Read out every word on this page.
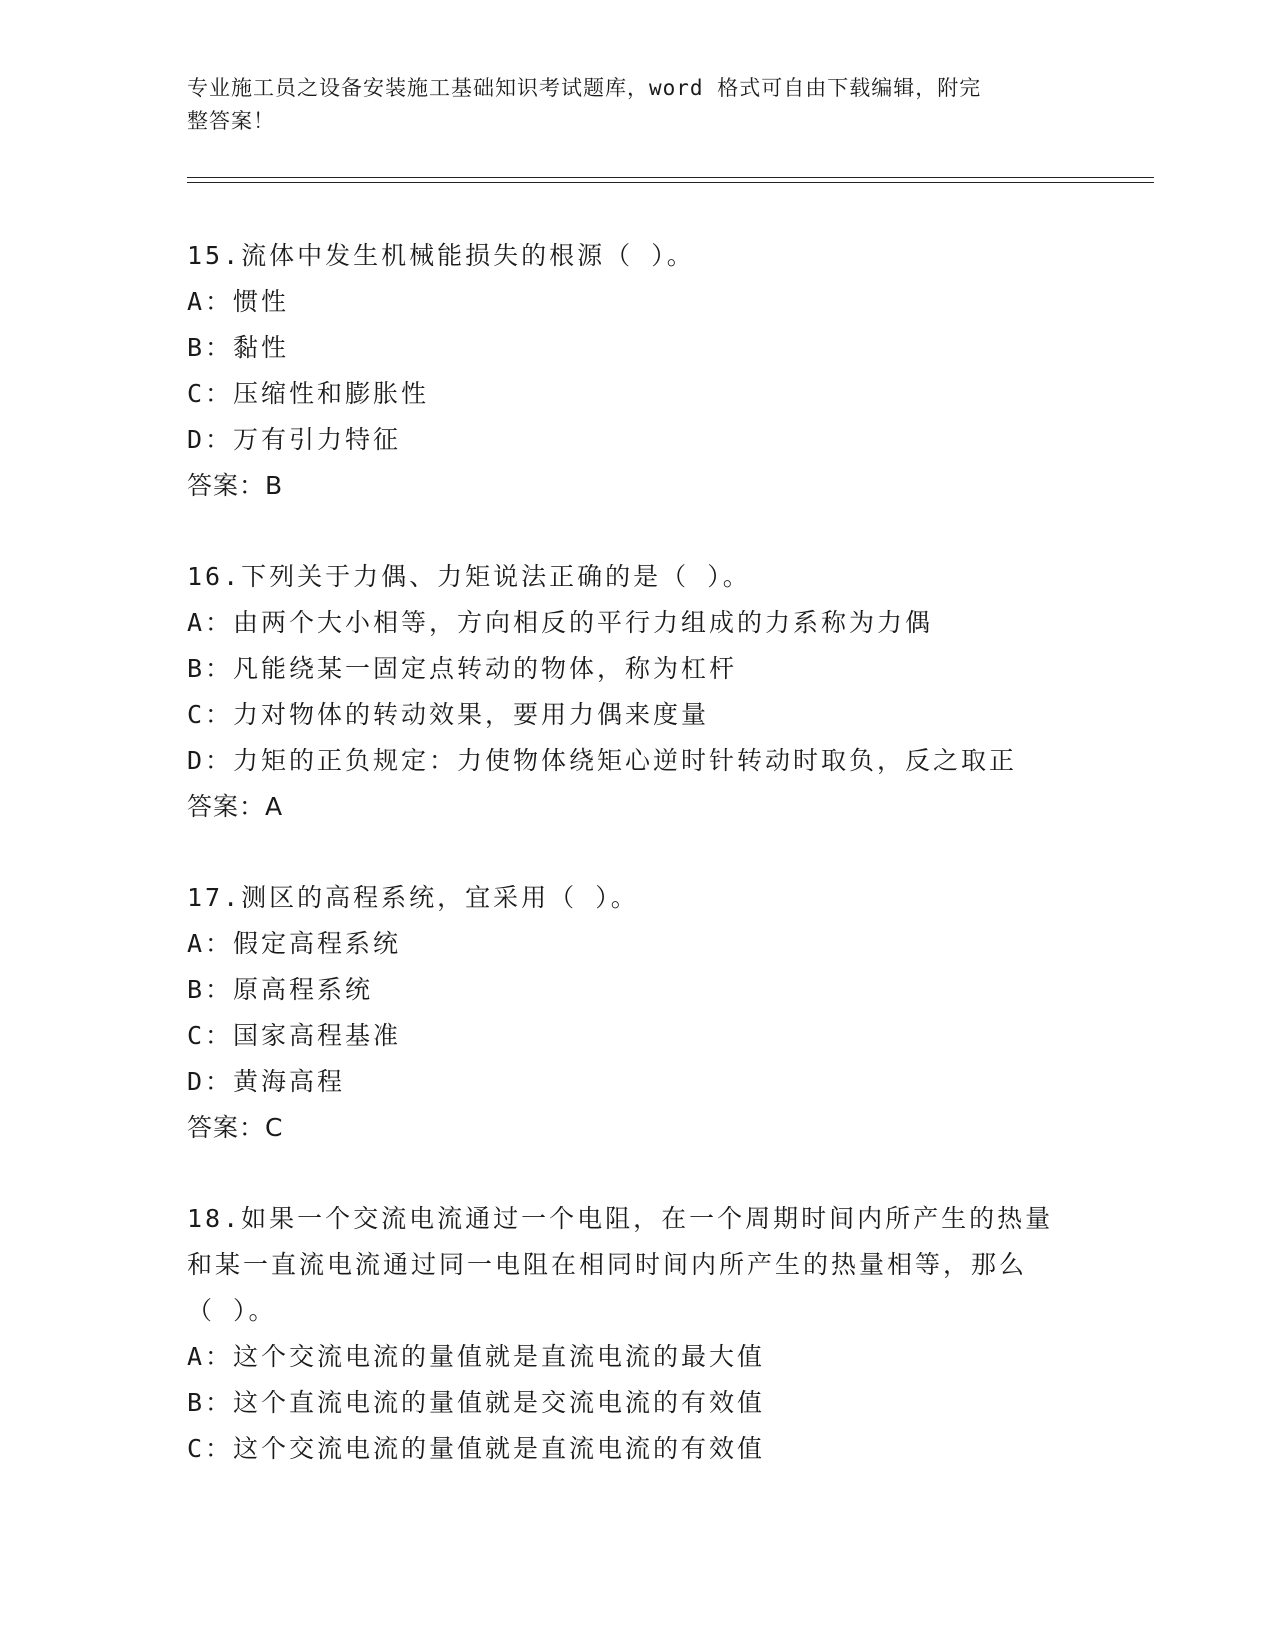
专业施工员之设备安装施工基础知识考试题库，word 格式可自由下载编辑，附完
整答案！
15.流体中发生机械能损失的根源（ ）。
A：惯性
B：黏性
C：压缩性和膨胀性
D：万有引力特征
答案：B
16.下列关于力偶、力矩说法正确的是（ ）。
A：由两个大小相等，方向相反的平行力组成的力系称为力偶
B：凡能绕某一固定点转动的物体，称为杠杆
C：力对物体的转动效果，要用力偶来度量
D：力矩的正负规定：力使物体绕矩心逆时针转动时取负，反之取正
答案：A
17.测区的高程系统，宜采用（ ）。
A：假定高程系统
B：原高程系统
C：国家高程基准
D：黄海高程
答案：C
18.如果一个交流电流通过一个电阻，在一个周期时间内所产生的热量
和某一直流电流通过同一电阻在相同时间内所产生的热量相等，那么
（ ）。
A：这个交流电流的量值就是直流电流的最大值
B：这个直流电流的量值就是交流电流的有效值
C：这个交流电流的量值就是直流电流的有效值
